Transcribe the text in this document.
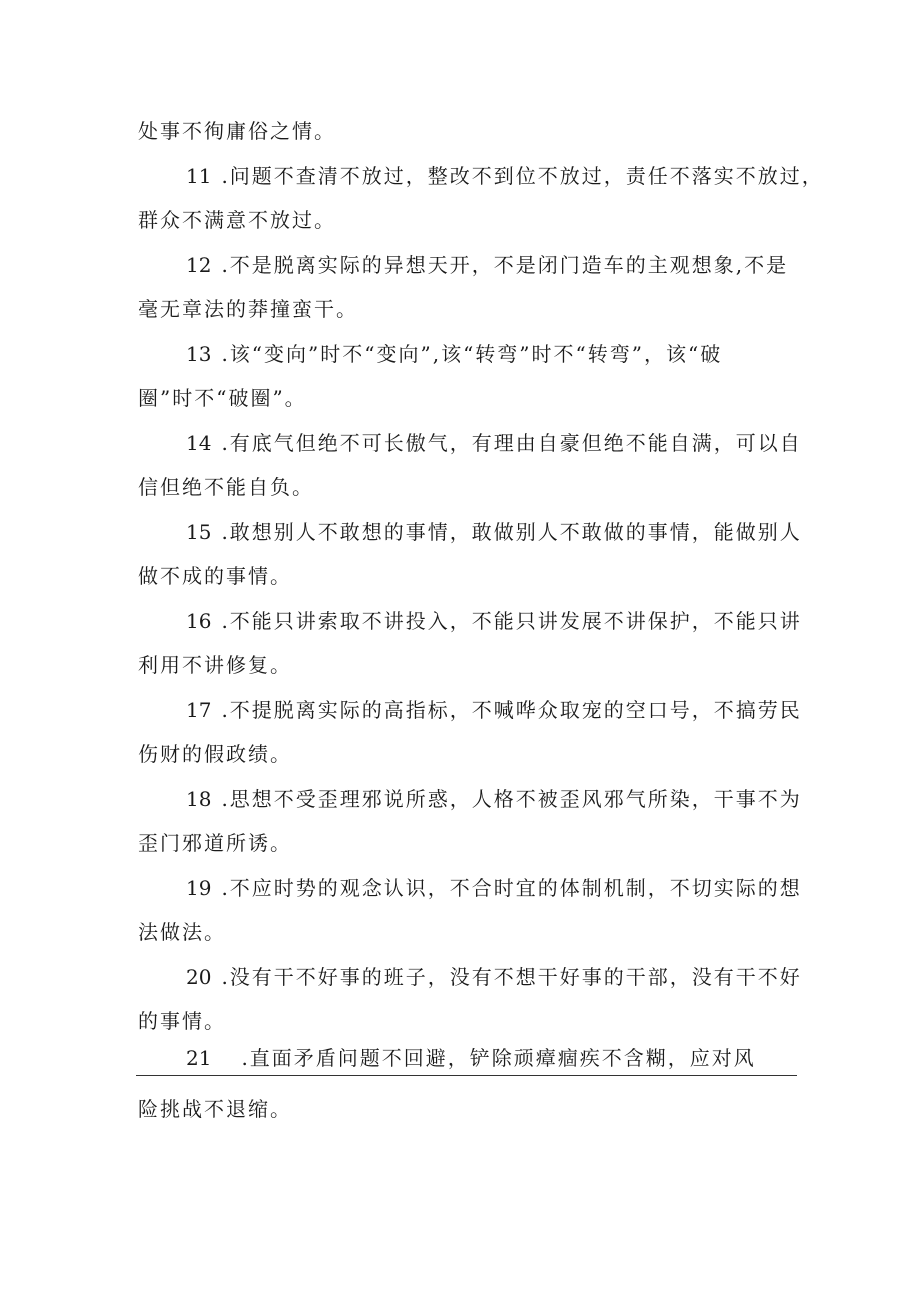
处事不徇庸俗之情。
11 .问题不查清不放过，整改不到位不放过，责任不落实不放过，
群众不满意不放过。
12 .不是脱离实际的异想天开，不是闭门造车的主观想象,不是
毫无章法的莽撞蛮干。
13 .该“变向”时不“变向”,该“转弯”时不“转弯”，该“破
圈”时不“破圈”。
14 .有底气但绝不可长傲气，有理由自豪但绝不能自满，可以自
信但绝不能自负。
15 .敢想别人不敢想的事情，敢做别人不敢做的事情，能做别人
做不成的事情。
16 .不能只讲索取不讲投入，不能只讲发展不讲保护，不能只讲
利用不讲修复。
17 .不提脱离实际的高指标，不喊哗众取宠的空口号，不搞劳民
伤财的假政绩。
18 .思想不受歪理邪说所惑，人格不被歪风邪气所染，干事不为
歪门邪道所诱。
19 .不应时势的观念认识，不合时宜的体制机制，不切实际的想
法做法。
20 .没有干不好事的班子，没有不想干好事的干部，没有干不好
的事情。
21 .直面矛盾问题不回避，铲除顽瘴痼疾不含糊，应对风
险挑战不退缩。
